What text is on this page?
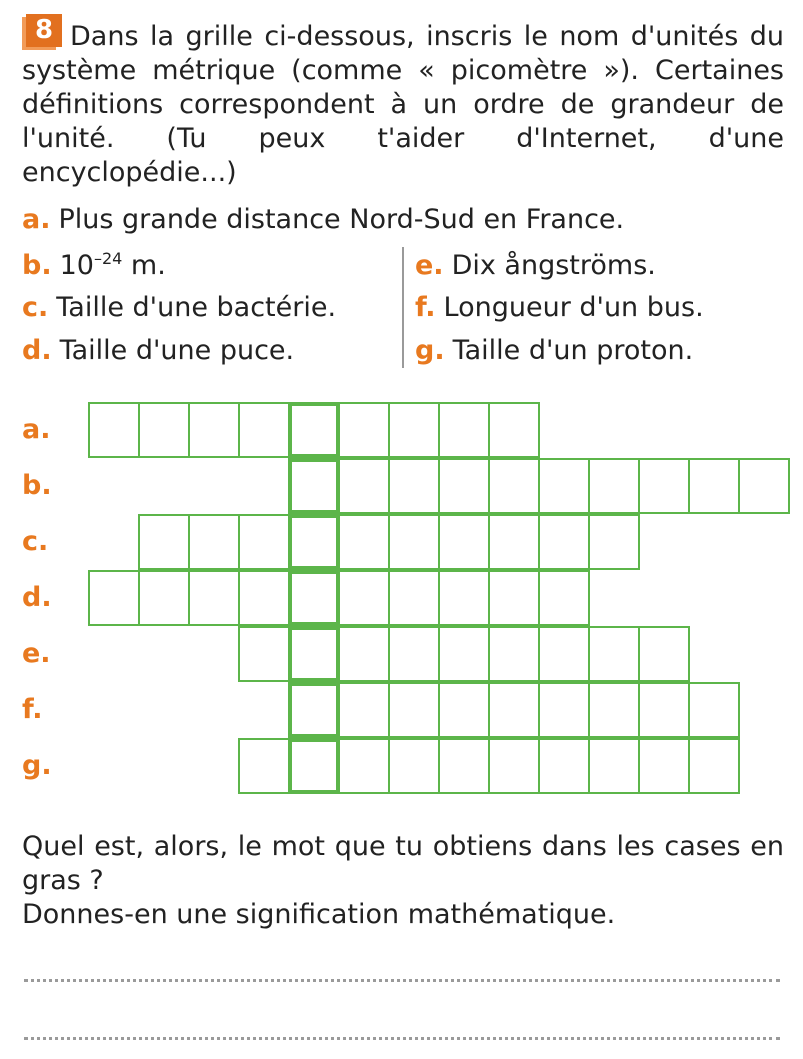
8 Dans la grille ci-dessous, inscris le nom d'unités du système métrique (comme « picomètre »). Certaines définitions correspondent à un ordre de grandeur de l'unité. (Tu peux t'aider d'Internet, d'une encyclopédie...)

a. Plus grande distance Nord-Sud en France.
b. $10^{-24}$ m.
c. Taille d'une bactérie.
d. Taille d'une puce.
e. Dix ångströms.
f. Longueur d'un bus.
g. Taille d'un proton.
a.
b.
c.
d.
e.
f.
g.

Quel est, alors, le mot que tu obtiens dans les cases en gras ?
Donnes-en une signification mathématique.
